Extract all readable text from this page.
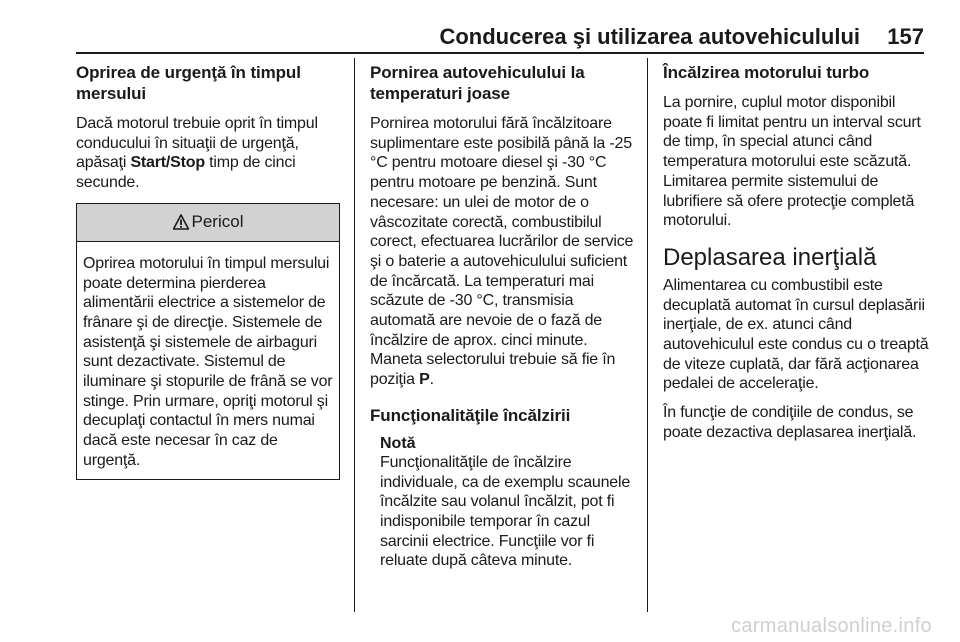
Conducerea şi utilizarea autovehiculului 157
Oprirea de urgenţă în timpul mersului

Dacă motorul trebuie oprit în timpul conducului în situaţii de urgenţă, apăsaţi Start/Stop timp de cinci secunde.

Pericol

Oprirea motorului în timpul mersului poate determina pierderea alimentării electrice a sistemelor de frânare şi de direcţie. Sistemele de asistenţă şi sistemele de airbaguri sunt dezactivate. Sistemul de iluminare şi stopurile de frână se vor stinge. Prin urmare, opriţi motorul şi decuplaţi contactul în mers numai dacă este necesar în caz de urgenţă.

Pornirea autovehiculului la temperaturi joase

Pornirea motorului fără încălzitoare suplimentare este posibilă până la -25 °C pentru motoare diesel şi -30 °C pentru motoare pe benzină. Sunt necesare: un ulei de motor de o vâscozitate corectă, combustibilul corect, efectuarea lucrărilor de service şi o baterie a autovehiculului suficient de încărcată. La temperaturi mai scăzute de -30 °C, transmisia automată are nevoie de o fază de încălzire de aprox. cinci minute. Maneta selectorului trebuie să fie în poziţia P.

Funcţionalităţile încălzirii
Notă

Funcţionalităţile de încălzire individuale, ca de exemplu scaunele încălzite sau volanul încălzit, pot fi indisponibile temporar în cazul sarcinii electrice. Funcţiile vor fi reluate după câteva minute.

Încălzirea motorului turbo

La pornire, cuplul motor disponibil poate fi limitat pentru un interval scurt de timp, în special atunci când temperatura motorului este scăzută. Limitarea permite sistemului de lubrifiere să ofere protecţie completă motorului.

Deplasarea inerţială

Alimentarea cu combustibil este decuplată automat în cursul deplasării inerţiale, de ex. atunci când autovehiculul este condus cu o treaptă de viteze cuplată, dar fără acţionarea pedalei de acceleraţie.

În funcţie de condiţiile de condus, se poate dezactiva deplasarea inerţială.

carmanualsonline.info
